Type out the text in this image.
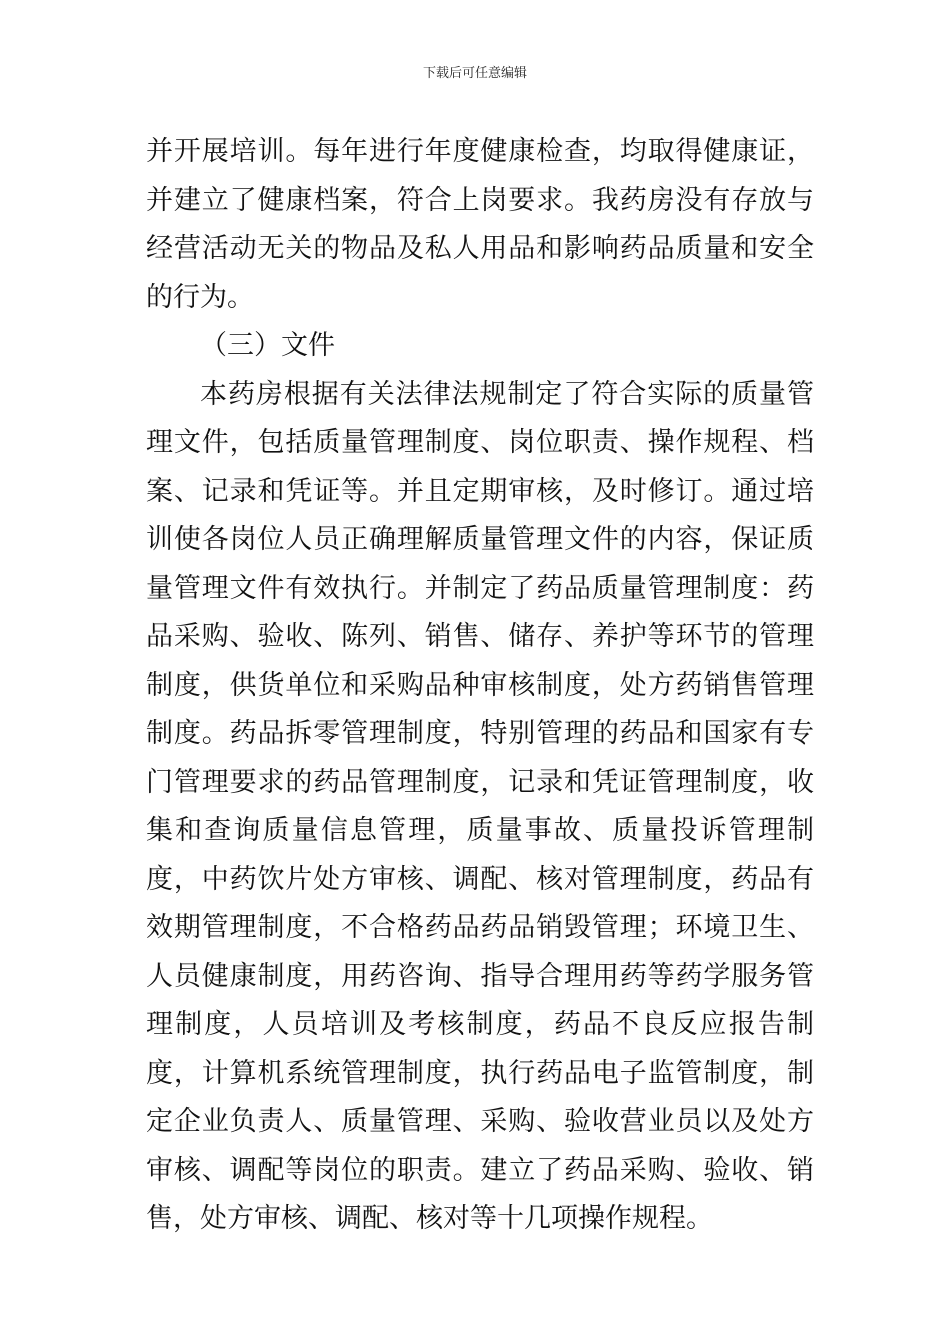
下载后可任意编辑

并开展培训。每年进行年度健康检查，均取得健康证，并建立了健康档案，符合上岗要求。我药房没有存放与经营活动无关的物品及私人用品和影响药品质量和安全的行为。

（三）文件

本药房根据有关法律法规制定了符合实际的质量管理文件，包括质量管理制度、岗位职责、操作规程、档案、记录和凭证等。并且定期审核，及时修订。通过培训使各岗位人员正确理解质量管理文件的内容，保证质量管理文件有效执行。并制定了药品质量管理制度：药品采购、验收、陈列、销售、储存、养护等环节的管理制度，供货单位和采购品种审核制度，处方药销售管理制度。药品拆零管理制度，特别管理的药品和国家有专门管理要求的药品管理制度，记录和凭证管理制度，收集和查询质量信息管理，质量事故、质量投诉管理制度，中药饮片处方审核、调配、核对管理制度，药品有效期管理制度，不合格药品药品销毁管理；环境卫生、人员健康制度，用药咨询、指导合理用药等药学服务管理制度，人员培训及考核制度，药品不良反应报告制度，计算机系统管理制度，执行药品电子监管制度，制定企业负责人、质量管理、采购、验收营业员以及处方审核、调配等岗位的职责。建立了药品采购、验收、销售，处方审核、调配、核对等十几项操作规程。
